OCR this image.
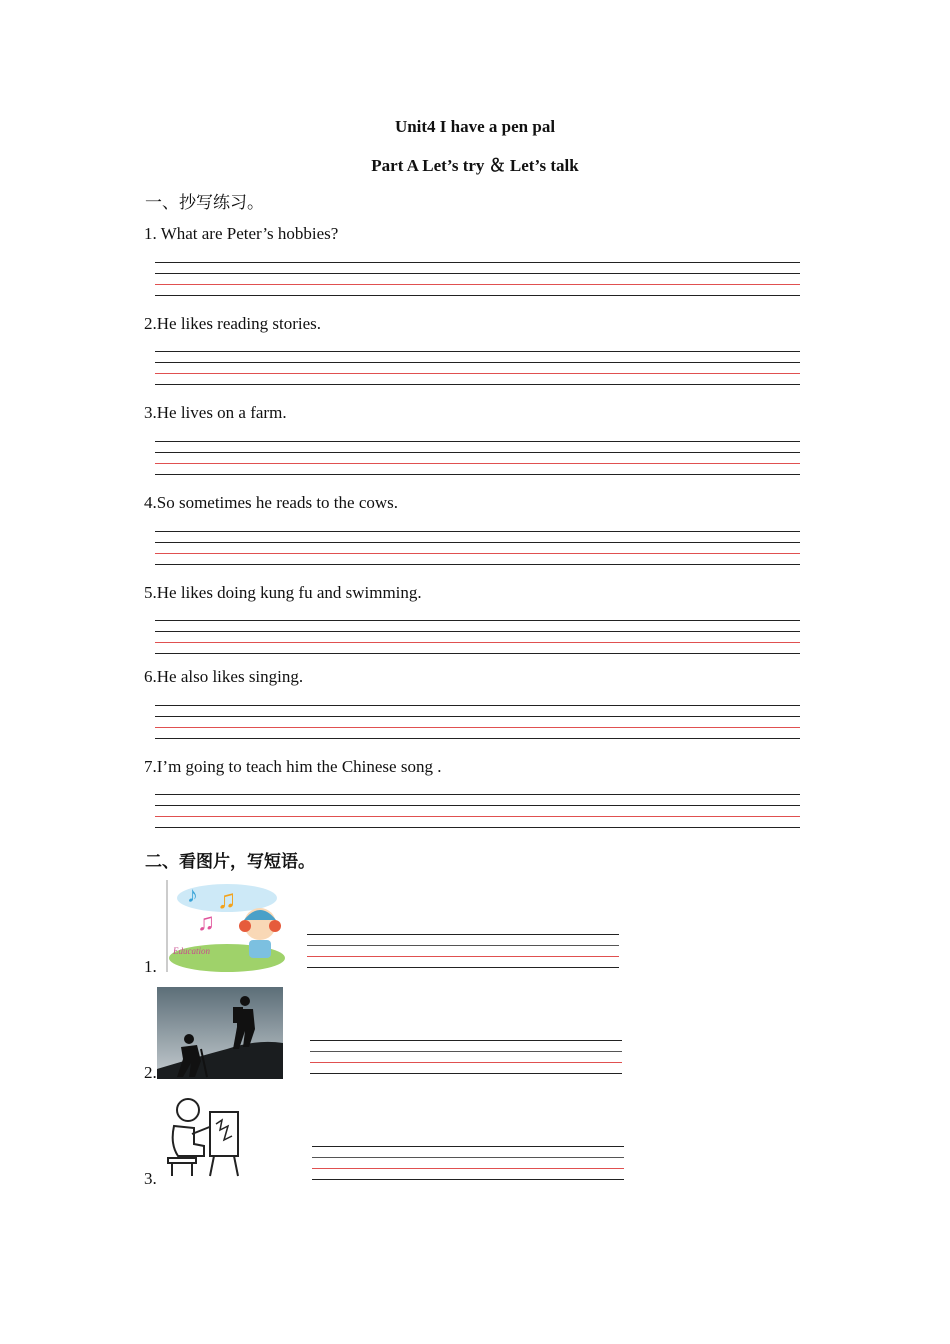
Unit4 I have a pen pal
Part A Let’s try ＆ Let’s talk
一、抄写练习。
1. What are Peter’s hobbies?
2.He likes reading stories.
3.He lives on a farm.
4.So sometimes he reads to the cows.
5.He likes doing kung fu and swimming.
6.He also likes singing.
7.I’m going to teach him the Chinese song .
二、看图片，写短语。
1.
♪ ♫
♫
Education
2.
3.
